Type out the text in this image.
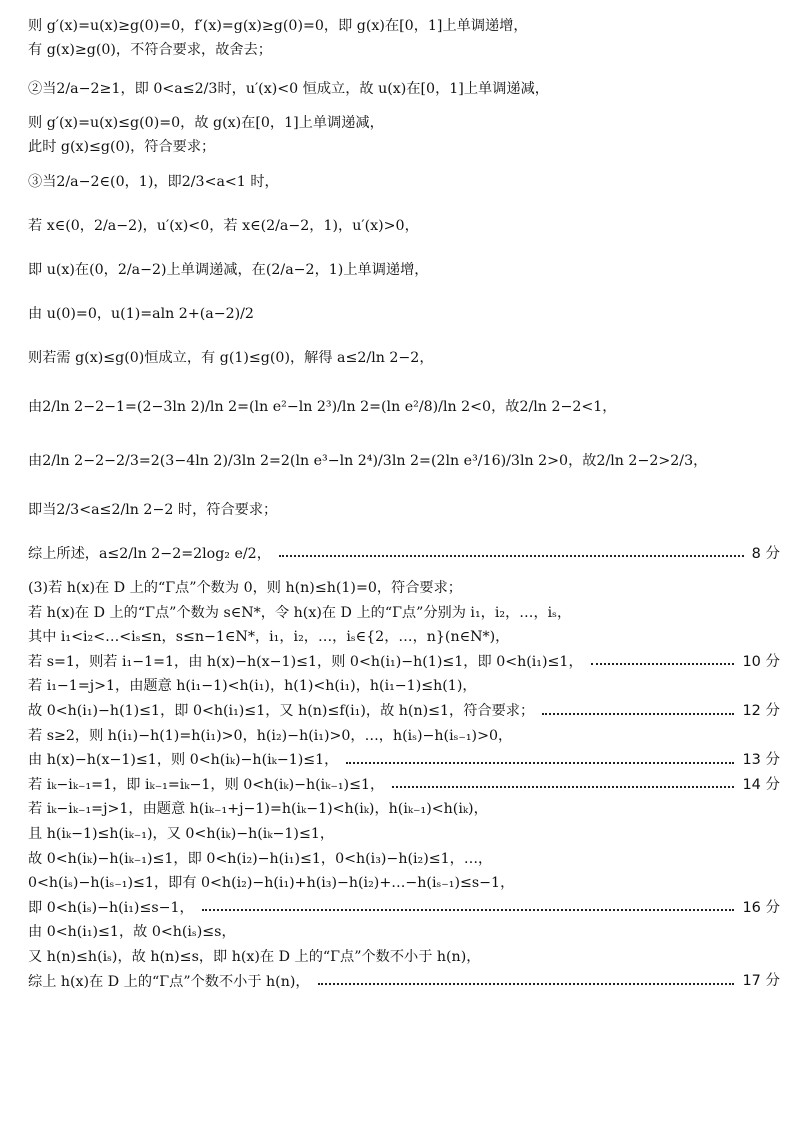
则 g′(x)=u(x)≥g(0)=0，f′(x)=g(x)≥g(0)=0，即 g(x)在[0，1]上单调递增，
有 g(x)≥g(0)，不符合要求，故舍去；
②当2/a−2≥1，即 0<a≤2/3时，u′(x)<0 恒成立，故 u(x)在[0，1]上单调递减，
则 g′(x)=u(x)≤g(0)=0，故 g(x)在[0，1]上单调递减，
此时 g(x)≤g(0)，符合要求；
③当2/a−2∈(0，1)，即2/3<a<1 时，
若 x∈(0，2/a−2)，u′(x)<0，若 x∈(2/a−2，1)，u′(x)>0，
即 u(x)在(0，2/a−2)上单调递减，在(2/a−2，1)上单调递增，
由 u(0)=0，u(1)=aln 2+(a−2)/2
则若需 g(x)≤g(0)恒成立，有 g(1)≤g(0)，解得 a≤2/ln 2−2，
由2/ln 2−2−1=(2−3ln 2)/ln 2=(ln e²−ln 2³)/ln 2=(ln e²/8)/ln 2<0，故2/ln 2−2<1，
由2/ln 2−2−2/3=2(3−4ln 2)/3ln 2=2(ln e³−ln 2⁴)/3ln 2=(2ln e³/16)/3ln 2>0，故2/ln 2−2>2/3，
即当2/3<a≤2/ln 2−2 时，符合要求；
综上所述，a≤2/ln 2−2=2log₂ e/2，	8 分
(3)若 h(x)在 D 上的“Γ点”个数为 0，则 h(n)≤h(1)=0，符合要求；
若 h(x)在 D 上的“Γ点”个数为 s∈N*，令 h(x)在 D 上的“Γ点”分别为 i₁，i₂，…，iₛ，
其中 i₁<i₂<…<iₛ≤n，s≤n−1∈N*，i₁，i₂，…，iₛ∈{2，…，n}(n∈N*)，
若 s=1，则若 i₁−1=1，由 h(x)−h(x−1)≤1，则 0<h(i₁)−h(1)≤1，即 0<h(i₁)≤1，	10 分
若 i₁−1=j>1，由题意 h(i₁−1)<h(i₁)，h(1)<h(i₁)，h(i₁−1)≤h(1)，
故 0<h(i₁)−h(1)≤1，即 0<h(i₁)≤1，又 h(n)≤f(i₁)，故 h(n)≤1，符合要求；	12 分
若 s≥2，则 h(i₁)−h(1)=h(i₁)>0，h(i₂)−h(i₁)>0，…，h(iₛ)−h(iₛ₋₁)>0，
由 h(x)−h(x−1)≤1，则 0<h(iₖ)−h(iₖ−1)≤1，	13 分
若 iₖ−iₖ₋₁=1，即 iₖ₋₁=iₖ−1，则 0<h(iₖ)−h(iₖ₋₁)≤1，	14 分
若 iₖ−iₖ₋₁=j>1，由题意 h(iₖ₋₁+j−1)=h(iₖ−1)<h(iₖ)，h(iₖ₋₁)<h(iₖ)，
且 h(iₖ−1)≤h(iₖ₋₁)，又 0<h(iₖ)−h(iₖ−1)≤1，
故 0<h(iₖ)−h(iₖ₋₁)≤1，即 0<h(i₂)−h(i₁)≤1，0<h(i₃)−h(i₂)≤1，…，
0<h(iₛ)−h(iₛ₋₁)≤1，即有 0<h(i₂)−h(i₁)+h(i₃)−h(i₂)+…−h(iₛ₋₁)≤s−1，
即 0<h(iₛ)−h(i₁)≤s−1，	16 分
由 0<h(i₁)≤1，故 0<h(iₛ)≤s，
又 h(n)≤h(iₛ)，故 h(n)≤s，即 h(x)在 D 上的“Γ点”个数不小于 h(n)，
综上 h(x)在 D 上的“Γ点”个数不小于 h(n)，	17 分
